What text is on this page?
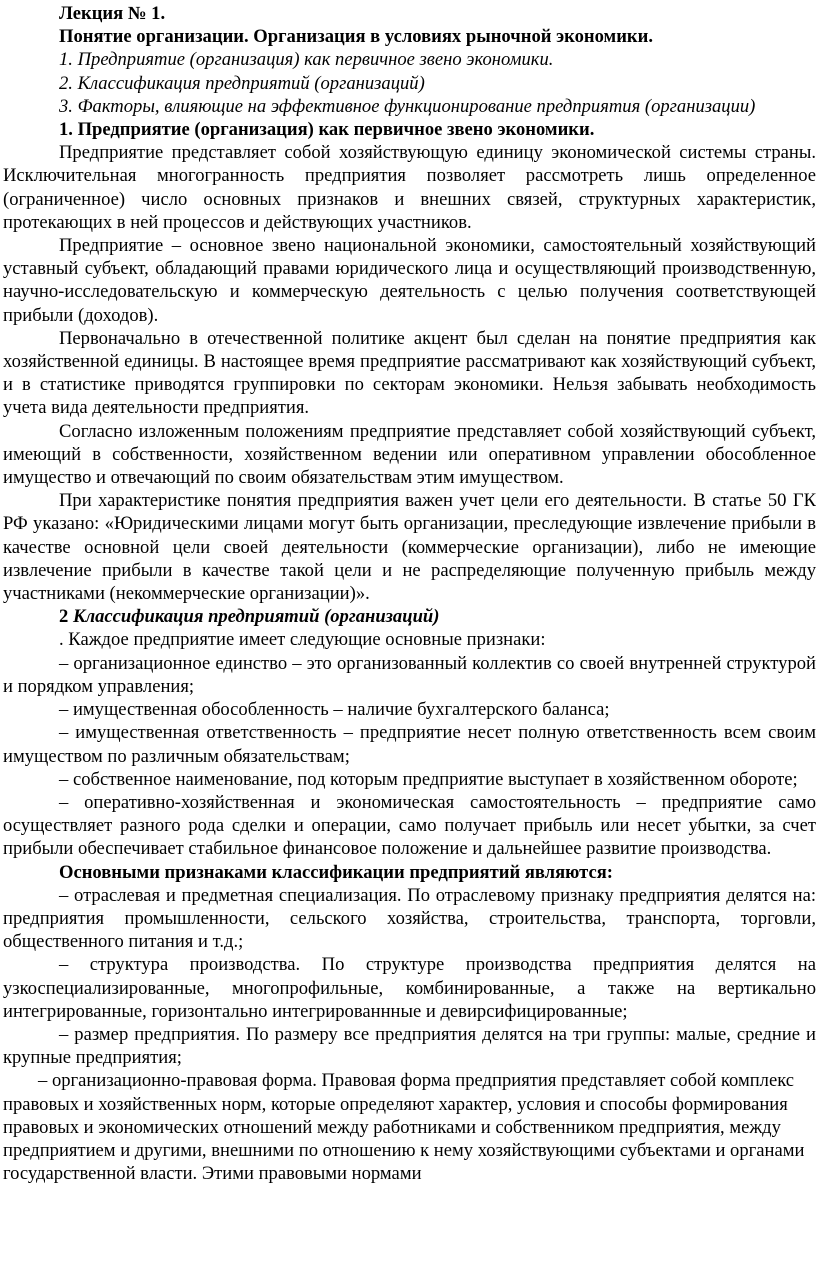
Лекция № 1.
Понятие организации. Организация в условиях рыночной экономики.
1. Предприятие (организация) как первичное звено экономики.
2. Классификация предприятий (организаций)
3. Факторы, влияющие на эффективное функционирование предприятия (организации)
1. Предприятие (организация) как первичное звено экономики.

Предприятие представляет собой хозяйствующую единицу экономической системы страны. Исключительная многогранность предприятия позволяет рассмотреть лишь определенное (ограниченное) число основных признаков и внешних связей, структурных характеристик, протекающих в ней процессов и действующих участников.

Предприятие – основное звено национальной экономики, самостоятельный хозяйствующий уставный субъект, обладающий правами юридического лица и осуществляющий производственную, научно-исследовательскую и коммерческую деятельность с целью получения соответствующей прибыли (доходов).

Первоначально в отечественной политике акцент был сделан на понятие предприятия как хозяйственной единицы. В настоящее время предприятие рассматривают как хозяйствующий субъект, и в статистике приводятся группировки по секторам экономики. Нельзя забывать необходимость учета вида деятельности предприятия.

Согласно изложенным положениям предприятие представляет собой хозяйствующий субъект, имеющий в собственности, хозяйственном ведении или оперативном управлении обособленное имущество и отвечающий по своим обязательствам этим имуществом.

При характеристике понятия предприятия важен учет цели его деятельности. В статье 50 ГК РФ указано: «Юридическими лицами могут быть организации, преследующие извлечение прибыли в качестве основной цели своей деятельности (коммерческие организации), либо не имеющие извлечение прибыли в качестве такой цели и не распределяющие полученную прибыль между участниками (некоммерческие организации)».

2 Классификация предприятий (организаций)

. Каждое предприятие имеет следующие основные признаки:

– организационное единство – это организованный коллектив со своей внутренней структурой и порядком управления;

– имущественная обособленность – наличие бухгалтерского баланса;

– имущественная ответственность – предприятие несет полную ответственность всем своим имуществом по различным обязательствам;

– собственное наименование, под которым предприятие выступает в хозяйственном обороте;

– оперативно-хозяйственная и экономическая самостоятельность – предприятие само осуществляет разного рода сделки и операции, само получает прибыль или несет убытки, за счет прибыли обеспечивает стабильное финансовое положение и дальнейшее развитие производства.

Основными признаками классификации предприятий являются:

– отраслевая и предметная специализация. По отраслевому признаку предприятия делятся на: предприятия промышленности, сельского хозяйства, строительства, транспорта, торговли, общественного питания и т.д.;

– структура производства. По структуре производства предприятия делятся на узкоспециализированные, многопрофильные, комбинированные, а также на вертикально интегрированные, горизонтально интегрированнные и девирсифицированные;

– размер предприятия. По размеру все предприятия делятся на три группы: малые, средние и крупные предприятия;

– организационно-правовая форма. Правовая форма предприятия представляет собой комплекс правовых и хозяйственных норм, которые определяют характер, условия и способы формирования правовых и экономических отношений между работниками и собственником предприятия, между предприятием и другими, внешними по отношению к нему хозяйствующими субъектами и органами государственной власти. Этими правовыми нормами
